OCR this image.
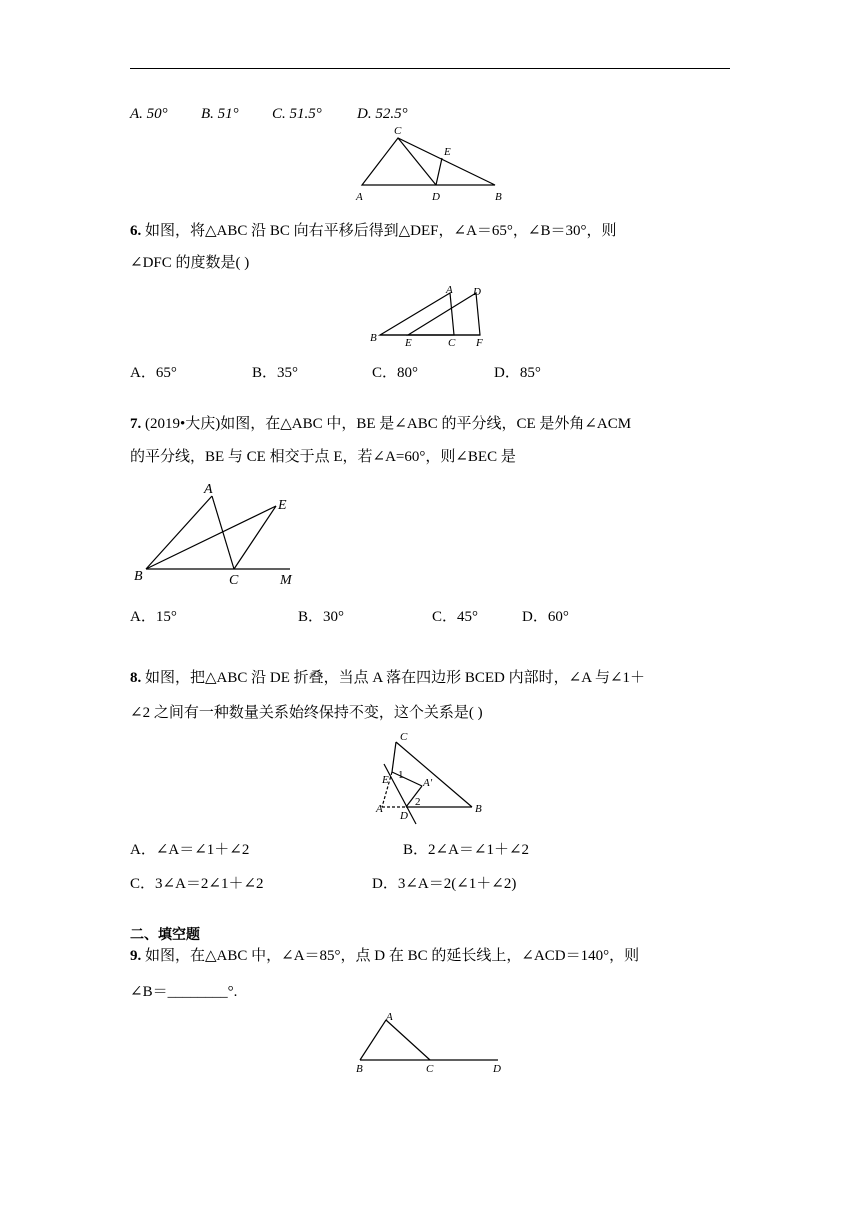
A. 50° B. 51° C. 51.5° D. 52.5°
C
E
A	D	B
6. 如图，将△ABC 沿 BC 向右平移后得到△DEF，∠A＝65°，∠B＝30°，则
∠DFC 的度数是( )
A D
B	E	C F
A．65°	B．35°	C．80°	D．85°
7. (2019•大庆)如图，在△ABC 中，BE 是∠ABC 的平分线，CE 是外角∠ACM
的平分线，BE 与 CE 相交于点 E，若∠A=60°，则∠BEC 是
A
E
B	C	M
A．15°	B．30°	C．45°	D．60°
8. 如图，把△ABC 沿 DE 折叠，当点 A 落在四边形 BCED 内部时，∠A 与∠1＋
∠2 之间有一种数量关系始终保持不变，这个关系是( )
C
E 1
A′
2
A
D
B
A．∠A＝∠1＋∠2	B．2∠A＝∠1＋∠2
C．3∠A＝2∠1＋∠2	D．3∠A＝2(∠1＋∠2)
二、填空题
9. 如图，在△ABC 中，∠A＝85°，点 D 在 BC 的延长线上，∠ACD＝140°，则
∠B＝________°.
A
B	C	D
